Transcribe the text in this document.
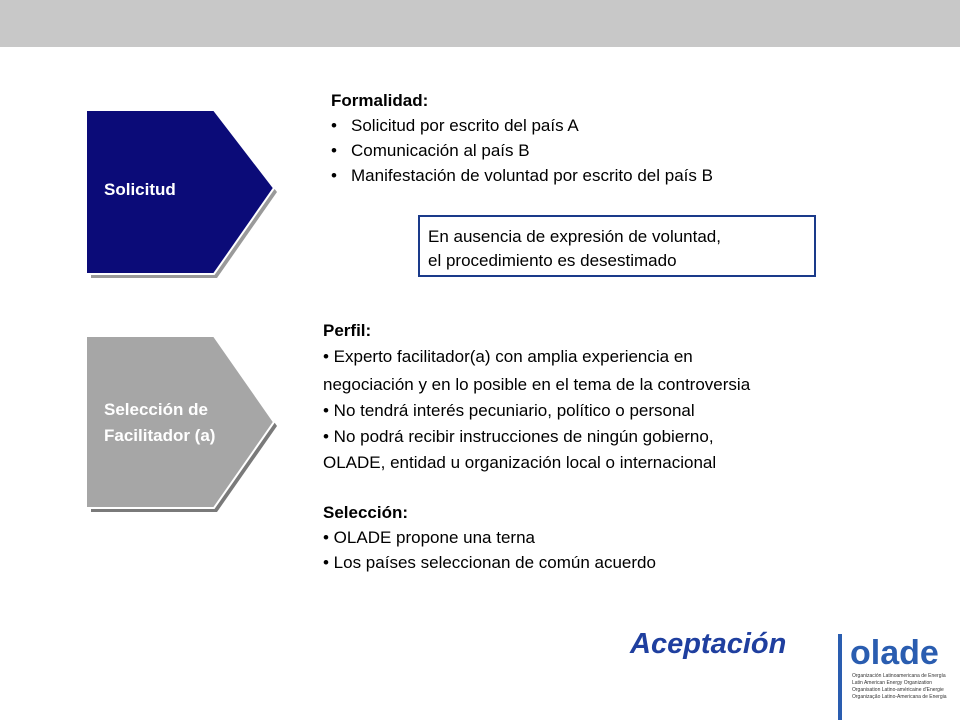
Solicitud
Formalidad:
• Solicitud por escrito del país A
• Comunicación al país B
• Manifestación de voluntad por escrito del país B
En ausencia de expresión de voluntad,
el procedimiento es desestimado
Selección de
Facilitador (a)
Perfil:
• Experto facilitador(a) con amplia experiencia en
negociación y en lo posible en el tema de la controversia
• No tendrá interés pecuniario, político o personal
• No podrá recibir instrucciones de ningún gobierno,
OLADE, entidad u organización local o internacional
Selección:
• OLADE propone una terna
• Los países seleccionan de común acuerdo
Aceptación olade
Organización Latinoamericana de Energía
Latin American Energy Organization
Organisation Latino-américaine d'Energie
Organização Latino-Americana de Energia
